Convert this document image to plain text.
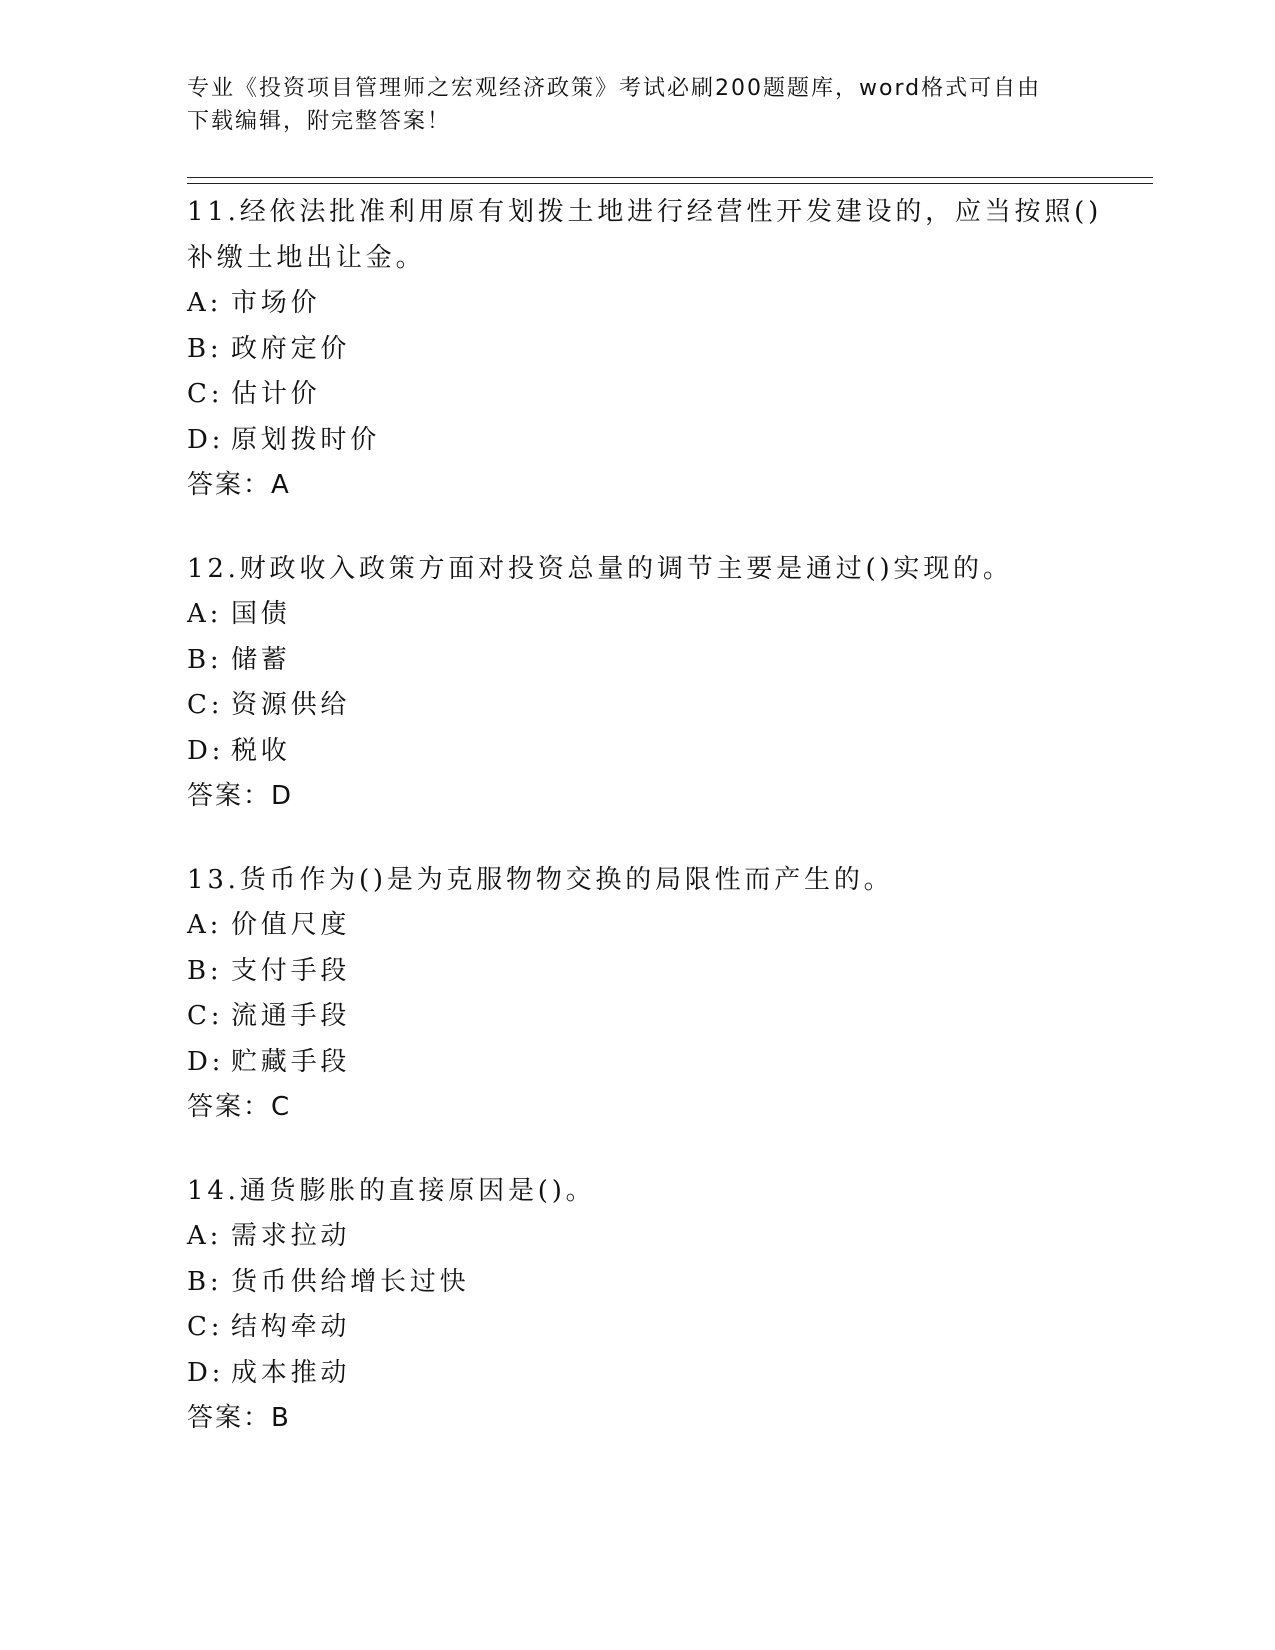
专业《投资项目管理师之宏观经济政策》考试必刷200题题库，word格式可自由
下载编辑，附完整答案！
11.经依法批准利用原有划拨土地进行经营性开发建设的，应当按照()
补缴土地出让金。
A: 市场价
B: 政府定价
C: 估计价
D: 原划拨时价
答案：A
12.财政收入政策方面对投资总量的调节主要是通过()实现的。
A: 国债
B: 储蓄
C: 资源供给
D: 税收
答案：D
13.货币作为()是为克服物物交换的局限性而产生的。
A: 价值尺度
B: 支付手段
C: 流通手段
D: 贮藏手段
答案：C
14.通货膨胀的直接原因是()。
A: 需求拉动
B: 货币供给增长过快
C: 结构牵动
D: 成本推动
答案：B
